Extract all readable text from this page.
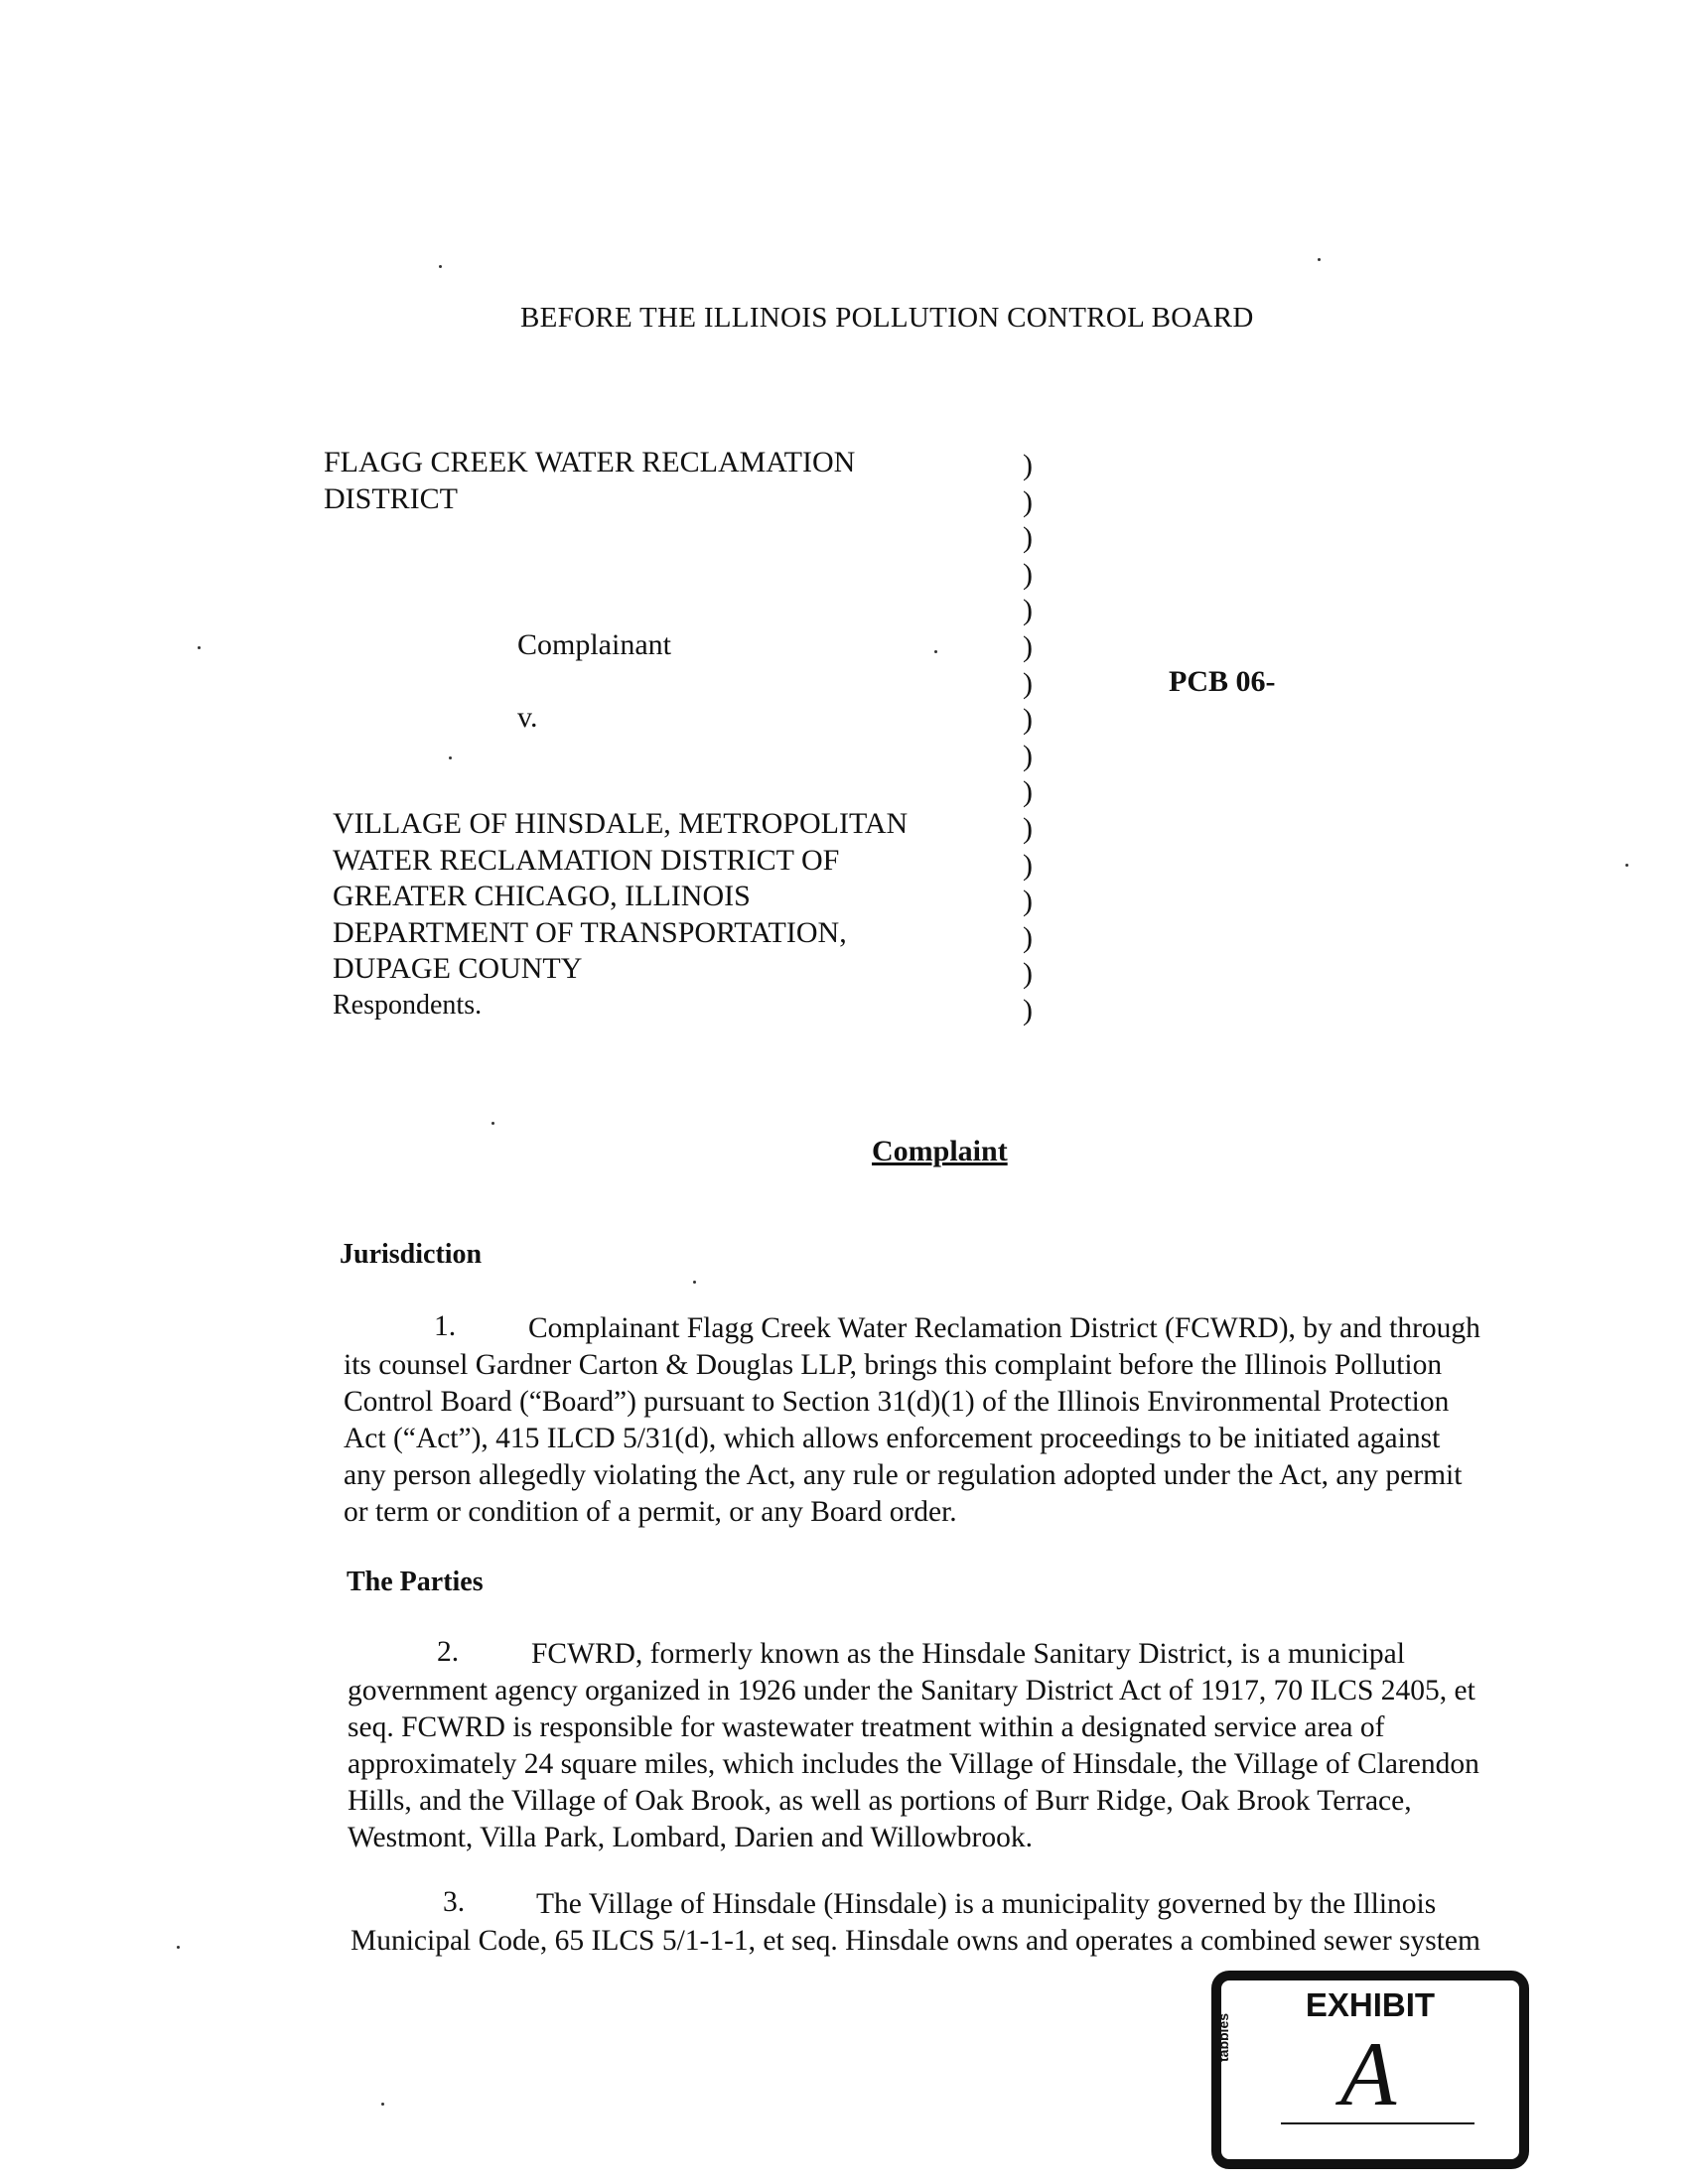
BEFORE THE ILLINOIS POLLUTION CONTROL BOARD
FLAGG CREEK WATER RECLAMATION
DISTRICT
Complainant
v.
VILLAGE OF HINSDALE, METROPOLITAN
WATER RECLAMATION DISTRICT OF
GREATER CHICAGO, ILLINOIS
DEPARTMENT OF TRANSPORTATION,
DUPAGE COUNTY
Respondents.
)
)
)
)
)
)
)
)
)
)
)
)
)
)
)
)
PCB 06-
Complaint
Jurisdiction
1.	Complainant Flagg Creek Water Reclamation District (FCWRD), by and through

its counsel Gardner Carton & Douglas LLP, brings this complaint before the Illinois Pollution

Control Board (“Board”) pursuant to Section 31(d)(1) of the Illinois Environmental Protection

Act (“Act”), 415 ILCD 5/31(d), which allows enforcement proceedings to be initiated against

any person allegedly violating the Act, any rule or regulation adopted under the Act, any permit

or term or condition of a permit, or any Board order.

The Parties
2.	FCWRD, formerly known as the Hinsdale Sanitary District, is a municipal

government agency organized in 1926 under the Sanitary District Act of 1917, 70 ILCS 2405, et

seq. FCWRD is responsible for wastewater treatment within a designated service area of

approximately 24 square miles, which includes the Village of Hinsdale, the Village of Clarendon

Hills, and the Village of Oak Brook, as well as portions of Burr Ridge, Oak Brook Terrace,

Westmont, Villa Park, Lombard, Darien and Willowbrook.

3.	The Village of Hinsdale (Hinsdale) is a municipality governed by the Illinois

Municipal Code, 65 ILCS 5/1-1-1, et seq. Hinsdale owns and operates a combined sewer system

EXHIBIT
tabbles A
